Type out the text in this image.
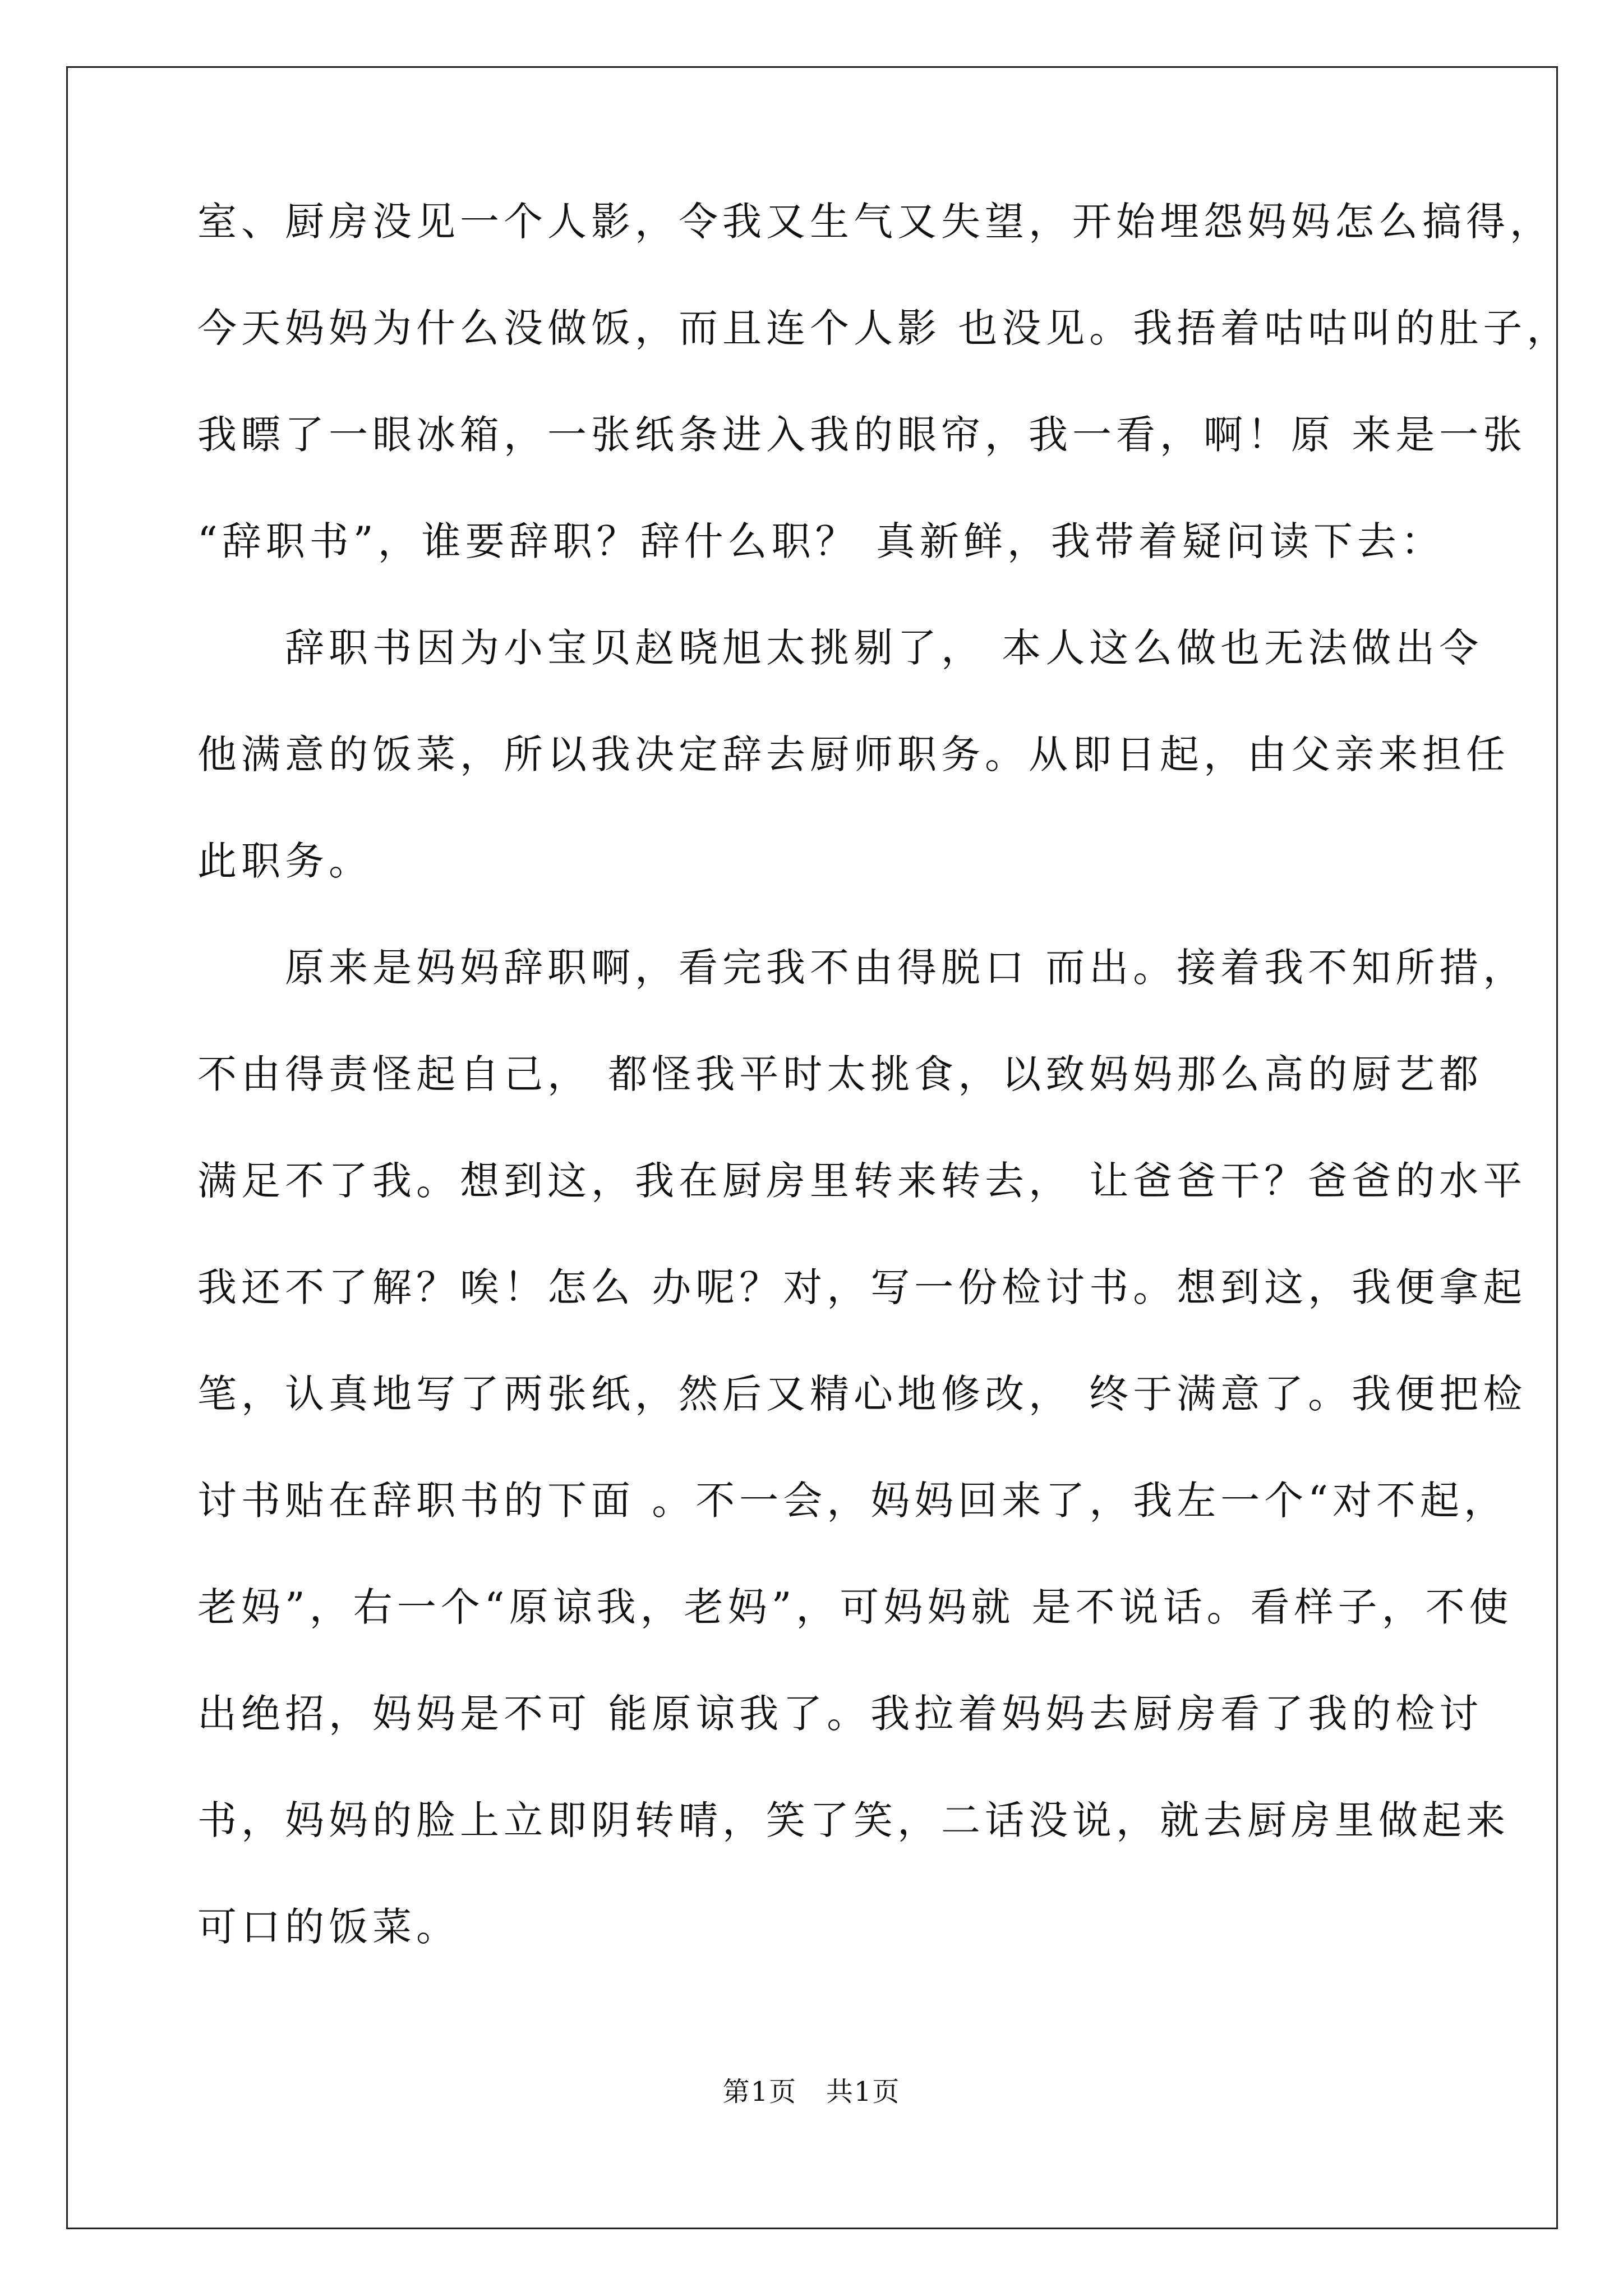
室、厨房没见一个人影，令我又生气又失望，开始埋怨妈妈怎么搞得，
今天妈妈为什么没做饭，而且连个人影 也没见。我捂着咕咕叫的肚子，
我瞟了一眼冰箱，一张纸条进入我的眼帘，我一看，啊！原 来是一张
“辞职书”，谁要辞职？辞什么职？ 真新鲜，我带着疑问读下去：
辞职书因为小宝贝赵晓旭太挑剔了， 本人这么做也无法做出令
他满意的饭菜，所以我决定辞去厨师职务。从即日起，由父亲来担任
此职务。
原来是妈妈辞职啊，看完我不由得脱口 而出。接着我不知所措，
不由得责怪起自己， 都怪我平时太挑食，以致妈妈那么高的厨艺都
满足不了我。想到这，我在厨房里转来转去， 让爸爸干？爸爸的水平
我还不了解？唉！怎么 办呢？对，写一份检讨书。想到这，我便拿起
笔，认真地写了两张纸，然后又精心地修改， 终于满意了。我便把检
讨书贴在辞职书的下面 。不一会，妈妈回来了，我左一个“对不起，
老妈”，右一个“原谅我，老妈”，可妈妈就 是不说话。看样子，不使
出绝招，妈妈是不可 能原谅我了。我拉着妈妈去厨房看了我的检讨
书，妈妈的脸上立即阴转晴，笑了笑，二话没说，就去厨房里做起来
可口的饭菜。
第1页   共1页
